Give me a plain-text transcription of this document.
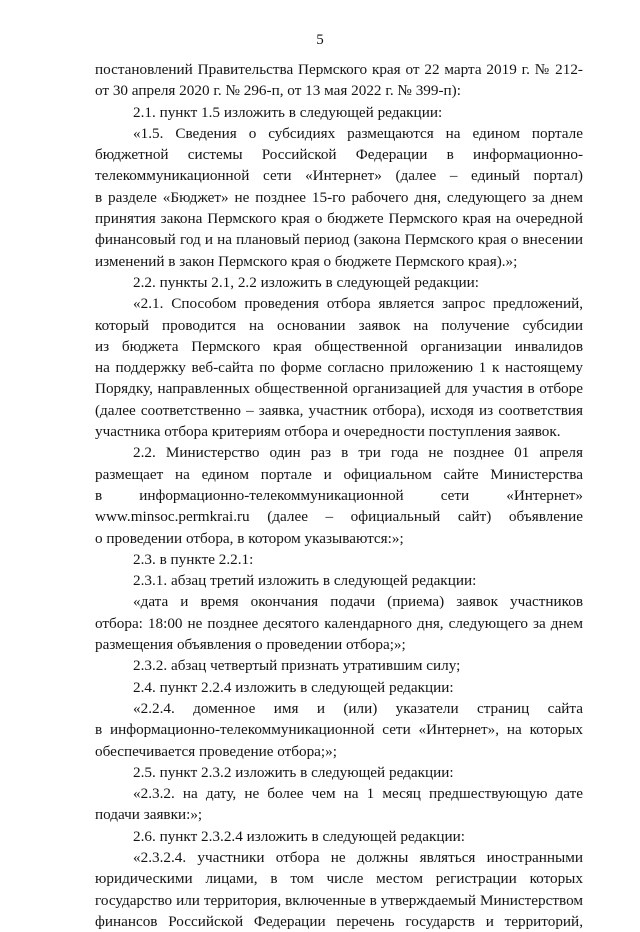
5
постановлений Правительства Пермского края от 22 марта 2019 г. № 212-
от 30 апреля 2020 г. № 296-п, от 13 мая 2022 г. № 399-п):
2.1. пункт 1.5 изложить в следующей редакции:
«1.5. Сведения о субсидиях размещаются на едином портале
бюджетной системы Российской Федерации в информационно-
телекоммуникационной сети «Интернет» (далее – единый портал)
в разделе «Бюджет» не позднее 15-го рабочего дня, следующего за днем
принятия закона Пермского края о бюджете Пермского края на очередной
финансовый год и на плановый период (закона Пермского края о внесении
изменений в закон Пермского края о бюджете Пермского края).»;
2.2. пункты 2.1, 2.2 изложить в следующей редакции:
«2.1. Способом проведения отбора является запрос предложений,
который проводится на основании заявок на получение субсидии
из бюджета Пермского края общественной организации инвалидов
на поддержку веб-сайта по форме согласно приложению 1 к настоящему
Порядку, направленных общественной организацией для участия в отборе
(далее соответственно – заявка, участник отбора), исходя из соответствия
участника отбора критериям отбора и очередности поступления заявок.
2.2. Министерство один раз в три года не позднее 01 апреля
размещает на едином портале и официальном сайте Министерства
в информационно-телекоммуникационной сети «Интернет»
www.minsoc.permkrai.ru (далее – официальный сайт) объявление
о проведении отбора, в котором указываются:»;
2.3. в пункте 2.2.1:
2.3.1. абзац третий изложить в следующей редакции:
«дата и время окончания подачи (приема) заявок участников
отбора: 18:00 не позднее десятого календарного дня, следующего за днем
размещения объявления о проведении отбора;»;
2.3.2. абзац четвертый признать утратившим силу;
2.4. пункт 2.2.4 изложить в следующей редакции:
«2.2.4. доменное имя и (или) указатели страниц сайта
в информационно-телекоммуникационной сети «Интернет», на которых
обеспечивается проведение отбора;»;
2.5. пункт 2.3.2 изложить в следующей редакции:
«2.3.2. на дату, не более чем на 1 месяц предшествующую дате
подачи заявки:»;
2.6. пункт 2.3.2.4 изложить в следующей редакции:
«2.3.2.4. участники отбора не должны являться иностранными
юридическими лицами, в том числе местом регистрации которых
государство или территория, включенные в утверждаемый Министерством
финансов Российской Федерации перечень государств и территорий,
